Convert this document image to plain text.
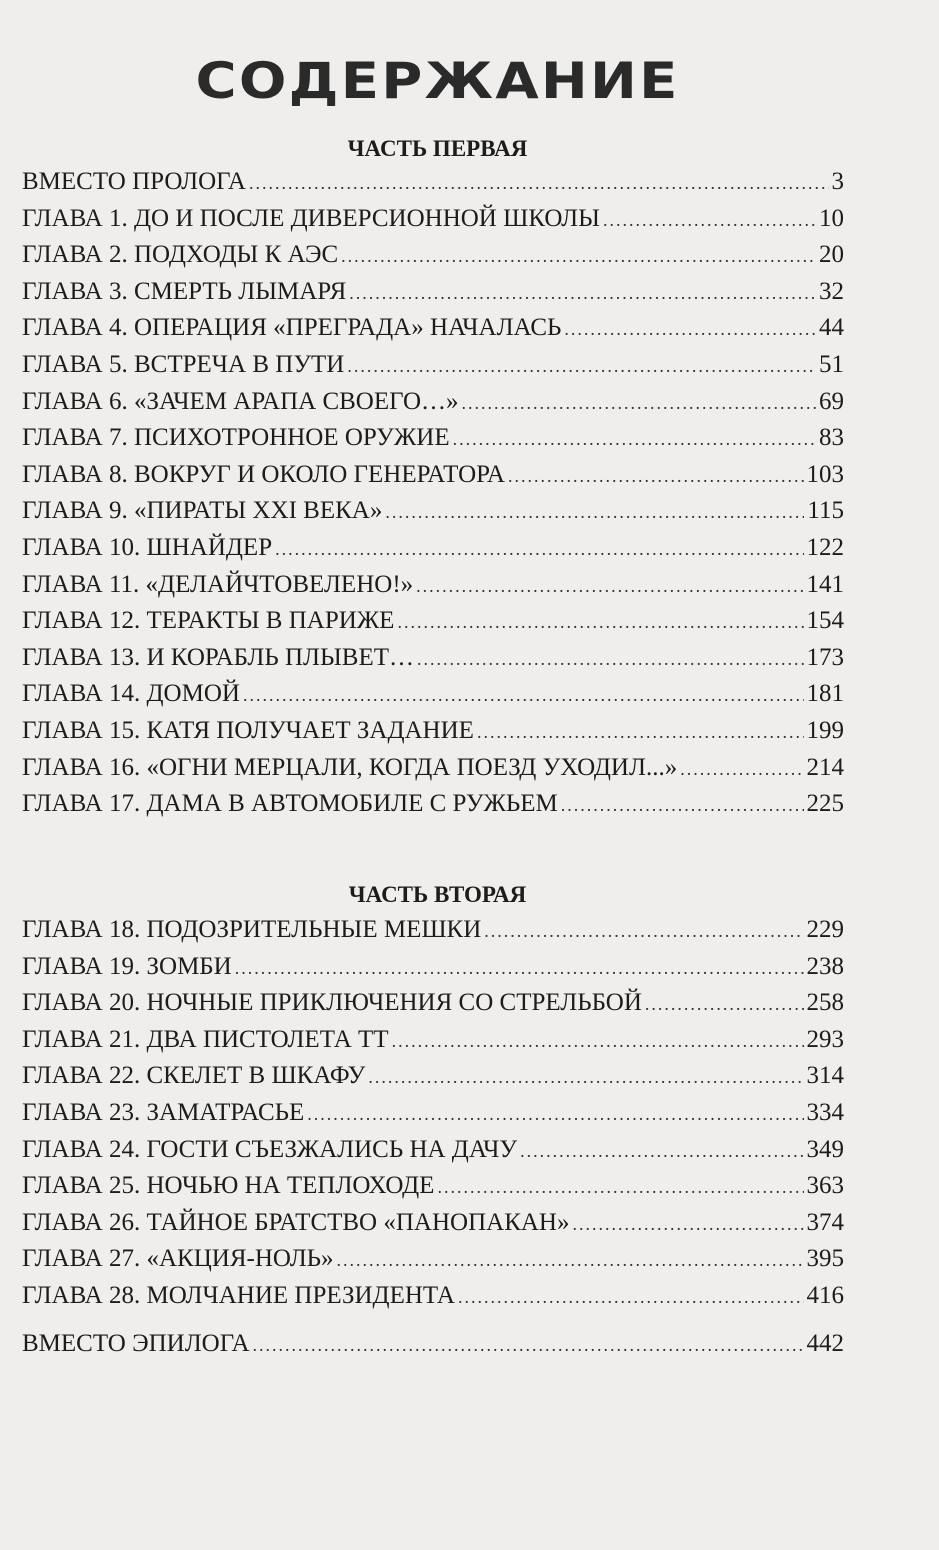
СОДЕРЖАНИЕ
ЧАСТЬ ПЕРВАЯ
ВМЕСТО ПРОЛОГА .....	3
ГЛАВА 1. ДО И ПОСЛЕ ДИВЕРСИОННОЙ ШКОЛЫ .....	10
ГЛАВА 2. ПОДХОДЫ К АЭС .....	20
ГЛАВА 3. СМЕРТЬ ЛЫМАРЯ .....	32
ГЛАВА 4. ОПЕРАЦИЯ «ПРЕГРАДА» НАЧАЛАСЬ .....	44
ГЛАВА 5. ВСТРЕЧА В ПУТИ .....	51
ГЛАВА 6. «ЗАЧЕМ АРАПА СВОЕГО…» .....	69
ГЛАВА 7. ПСИХОТРОННОЕ ОРУЖИЕ .....	83
ГЛАВА 8. ВОКРУГ И ОКОЛО ГЕНЕРАТОРА .....	103
ГЛАВА 9. «ПИРАТЫ XXI ВЕКА» .....	115
ГЛАВА 10. ШНАЙДЕР .....	122
ГЛАВА 11. «ДЕЛАЙЧТОВЕЛЕНО!» .....	141
ГЛАВА 12. ТЕРАКТЫ В ПАРИЖЕ .....	154
ГЛАВА 13. И КОРАБЛЬ ПЛЫВЕТ… .....	173
ГЛАВА 14. ДОМОЙ .....	181
ГЛАВА 15. КАТЯ ПОЛУЧАЕТ ЗАДАНИЕ .....	199
ГЛАВА 16. «ОГНИ МЕРЦАЛИ, КОГДА ПОЕЗД УХОДИЛ...» .....	214
ГЛАВА 17. ДАМА В АВТОМОБИЛЕ С РУЖЬЕМ .....	225
ЧАСТЬ ВТОРАЯ
ГЛАВА 18. ПОДОЗРИТЕЛЬНЫЕ МЕШКИ .....	229
ГЛАВА 19. ЗОМБИ .....	238
ГЛАВА 20. НОЧНЫЕ ПРИКЛЮЧЕНИЯ СО СТРЕЛЬБОЙ .....	258
ГЛАВА 21. ДВА ПИСТОЛЕТА ТТ .....	293
ГЛАВА 22. СКЕЛЕТ В ШКАФУ .....	314
ГЛАВА 23. ЗАМАТРАСЬЕ .....	334
ГЛАВА 24. ГОСТИ СЪЕЗЖАЛИСЬ НА ДАЧУ .....	349
ГЛАВА 25. НОЧЬЮ НА ТЕПЛОХОДЕ .....	363
ГЛАВА 26. ТАЙНОЕ БРАТСТВО «ПАНОПАКАН» .....	374
ГЛАВА 27. «АКЦИЯ-НОЛЬ» .....	395
ГЛАВА 28. МОЛЧАНИЕ ПРЕЗИДЕНТА .....	416
ВМЕСТО ЭПИЛОГА .....	442
